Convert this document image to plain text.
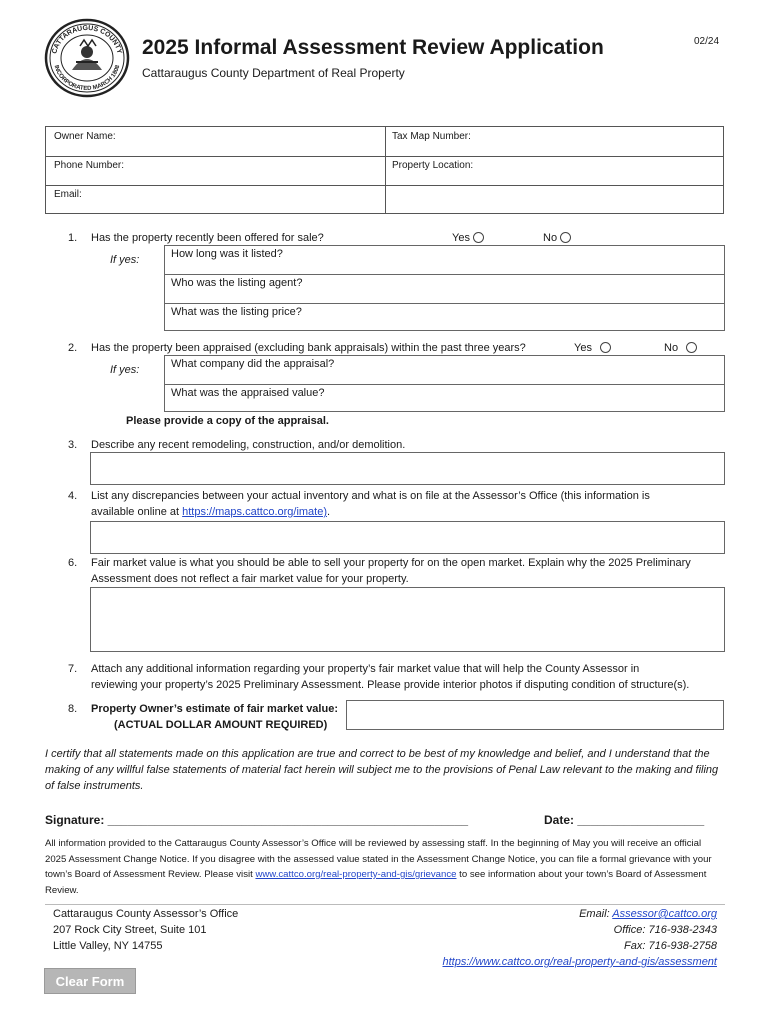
CATTARAUGUS COUNTY
INCORPORATED MARCH 1808
2025 Informal Assessment Review Application
Cattaraugus County Department of Real Property
02/24
Owner Name:	Tax Map Number:
Phone Number:	Property Location:
Email:
1. Has the property recently been offered for sale?	Yes	No
If yes:	How long was it listed?
Who was the listing agent?
What was the listing price?
2. Has the property been appraised (excluding bank appraisals) within the past three years?	Yes	No
If yes:	What company did the appraisal?
What was the appraised value?
Please provide a copy of the appraisal.
3. Describe any recent remodeling, construction, and/or demolition.
4. List any discrepancies between your actual inventory and what is on file at the Assessor’s Office (this information is
available online at https://maps.cattco.org/imate).
6. Fair market value is what you should be able to sell your property for on the open market. Explain why the 2025 Preliminary
Assessment does not reflect a fair market value for your property.
7. Attach any additional information regarding your property’s fair market value that will help the County Assessor in
reviewing your property’s 2025 Preliminary Assessment. Please provide interior photos if disputing condition of structure(s).
8. Property Owner’s estimate of fair market value:
(ACTUAL DOLLAR AMOUNT REQUIRED)
I certify that all statements made on this application are true and correct to be best of my knowledge and belief, and I understand that the making of any willful false statements of material fact herein will subject me to the provisions of Penal Law relevant to the making and filing of false instruments.
Signature: ______________________________________________________	Date: ___________________
All information provided to the Cattaraugus County Assessor’s Office will be reviewed by assessing staff. In the beginning of May you will receive an official 2025 Assessment Change Notice. If you disagree with the assessed value stated in the Assessment Change Notice, you can file a formal grievance with your town’s Board of Assessment Review. Please visit www.cattco.org/real-property-and-gis/grievance to see information about your town’s Board of Assessment Review.
Cattaraugus County Assessor’s Office
207 Rock City Street, Suite 101
Little Valley, NY 14755
Email: Assessor@cattco.org
Office: 716-938-2343
Fax: 716-938-2758
https://www.cattco.org/real-property-and-gis/assessment
Clear Form
